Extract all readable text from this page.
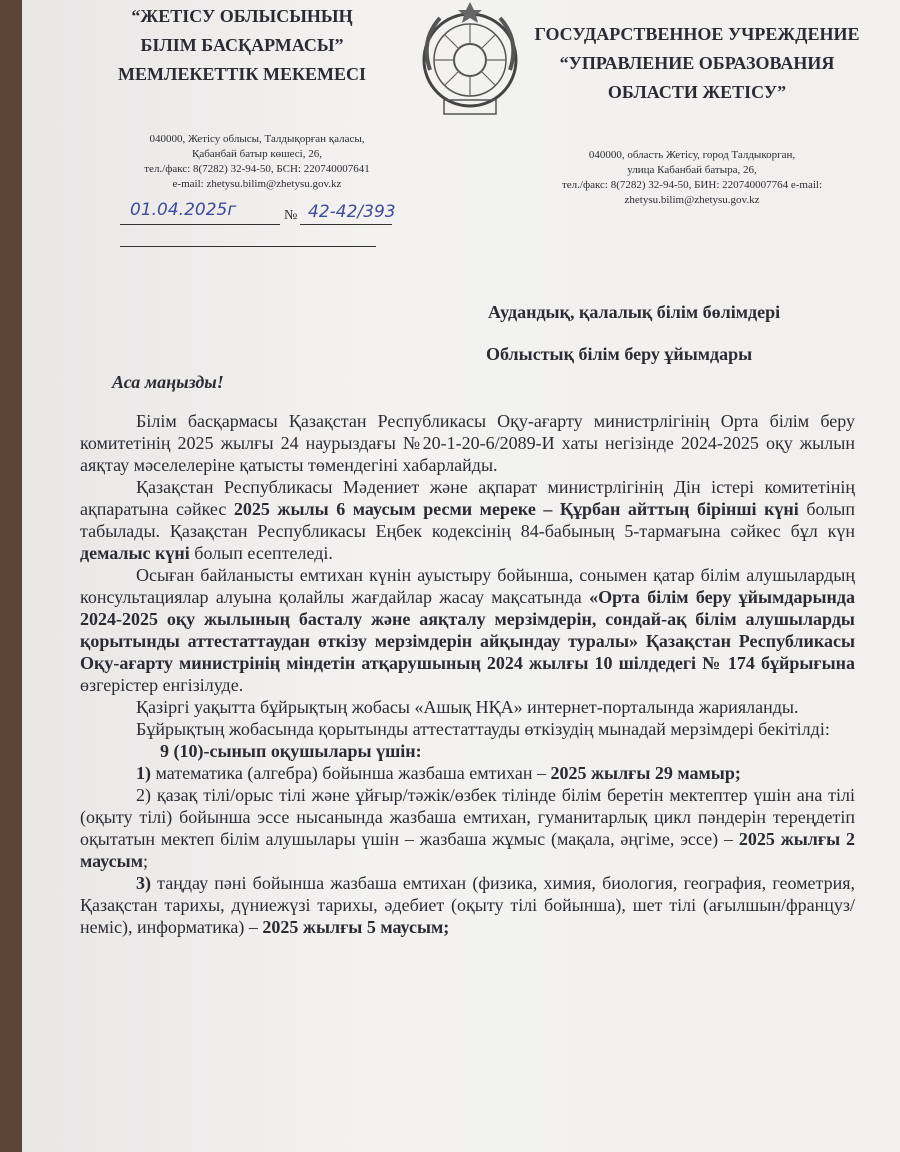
“ЖЕТІСУ ОБЛЫСЫНЫҢ
БІЛІМ БАСҚАРМАСЫ”
МЕМЛЕКЕТТІК МЕКЕМЕСІ
ГОСУДАРСТВЕННОЕ УЧРЕЖДЕНИЕ
“УПРАВЛЕНИЕ ОБРАЗОВАНИЯ
ОБЛАСТИ ЖЕТІСУ”
040000, Жетісу облысы, Талдықорған қаласы,
Қабанбай батыр көшесі, 26,
тел./факс: 8(7282) 32-94-50, БСН: 220740007641
e-mail: zhetysu.bilim@zhetysu.gov.kz
040000, область Жетісу, город Талдыкорган,
улица Кабанбай батыра, 26,
тел./факс: 8(7282) 32-94-50, БИН: 220740007764 e-mail:
zhetysu.bilim@zhetysu.gov.kz
01.04.2025г	№ 42-42/393
Аудандық, қалалық білім бөлімдері
Облыстық білім беру ұйымдары
Аса маңызды!

Білім басқармасы Қазақстан Республикасы Оқу-ағарту министрлігінің Орта білім беру комитетінің 2025 жылғы 24 наурыздағы №20-1-20-6/2089-И хаты негізінде 2024-2025 оқу жылын аяқтау мәселелеріне қатысты төмендегіні хабарлайды.

Қазақстан Республикасы Мәдениет және ақпарат министрлігінің Дін істері комитетінің ақпаратына сәйкес 2025 жылы 6 маусым ресми мереке – Құрбан айттың бірінші күні болып табылады. Қазақстан Республикасы Еңбек кодексінің 84-бабының 5-тармағына сәйкес бұл күн демалыс күні болып есептеледі.

Осыған байланысты емтихан күнін ауыстыру бойынша, сонымен қатар білім алушылардың консультациялар алуына қолайлы жағдайлар жасау мақсатында «Орта білім беру ұйымдарында 2024-2025 оқу жылының басталу және аяқталу мерзімдерін, сондай-ақ білім алушыларды қорытынды аттестаттаудан өткізу мерзімдерін айқындау туралы» Қазақстан Республикасы Оқу-ағарту министрінің міндетін атқарушының 2024 жылғы 10 шілдедегі № 174 бұйрығына өзгерістер енгізілуде.

Қазіргі уақытта бұйрықтың жобасы «Ашық НҚА» интернет-порталында жарияланды.

Бұйрықтың жобасында қорытынды аттестаттауды өткізудің мынадай мерзімдері бекітілді:

9 (10)-сынып оқушылары үшін:

1) математика (алгебра) бойынша жазбаша емтихан – 2025 жылғы 29 мамыр;

2) қазақ тілі/орыс тілі және ұйғыр/тәжік/өзбек тілінде білім беретін мектептер үшін ана тілі (оқыту тілі) бойынша эссе нысанында жазбаша емтихан, гуманитарлық цикл пәндерін тереңдетіп оқытатын мектеп білім алушылары үшін – жазбаша жұмыс (мақала, әңгіме, эссе) – 2025 жылғы 2 маусым;

3) таңдау пәні бойынша жазбаша емтихан (физика, химия, биология, география, геометрия, Қазақстан тарихы, дүниежүзі тарихы, әдебиет (оқыту тілі бойынша), шет тілі (ағылшын/француз/неміс), информатика) – 2025 жылғы 5 маусым;
